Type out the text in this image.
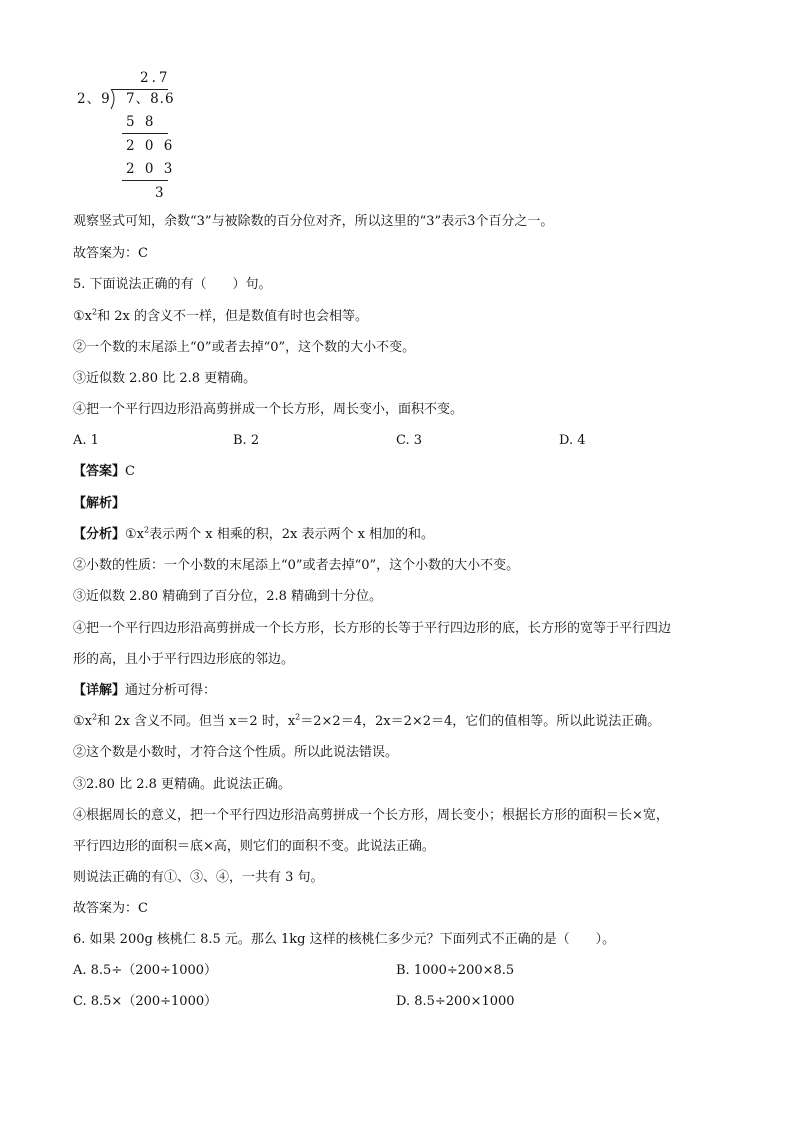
2.7
2、9 7、8.6
5 8
2 0 6
2 0 3
3
观察竖式可知，余数“3”与被除数的百分位对齐，所以这里的“3”表示3个百分之一。
故答案为：C
5. 下面说法正确的有（　　）句。
$①x^2$和 2x 的含义不一样，但是数值有时也会相等。
②一个数的末尾添上“0”或者去掉“0”，这个数的大小不变。
③近似数 2.80 比 2.8 更精确。
④把一个平行四边形沿高剪拼成一个长方形，周长变小，面积不变。
A. 1	B. 2	C. 3	D. 4
【答案】C
【解析】
【分析】$①x^2$表示两个 x 相乘的积，2x 表示两个 x 相加的和。
②小数的性质：一个小数的末尾添上“0”或者去掉“0”，这个小数的大小不变。
③近似数 2.80 精确到了百分位，2.8 精确到十分位。
④把一个平行四边形沿高剪拼成一个长方形，长方形的长等于平行四边形的底，长方形的宽等于平行四边
形的高，且小于平行四边形底的邻边。
【详解】通过分析可得：
$①x^2$和 2x 含义不同。但当 x＝2 时，$x^2=2\times 2=4$，2x＝2×2＝4，它们的值相等。所以此说法正确。
②这个数是小数时，才符合这个性质。所以此说法错误。
③2.80 比 2.8 更精确。此说法正确。
④根据周长的意义，把一个平行四边形沿高剪拼成一个长方形，周长变小；根据长方形的面积＝长×宽，
平行四边形的面积＝底×高，则它们的面积不变。此说法正确。
则说法正确的有①、③、④，一共有 3 句。
故答案为：C
6. 如果 200g 核桃仁 8.5 元。那么 1kg 这样的核桃仁多少元？下面列式不正确的是（　　）。
A. 8.5÷（200÷1000）	B. 1000÷200×8.5
C. 8.5×（200÷1000）	D. 8.5÷200×1000
